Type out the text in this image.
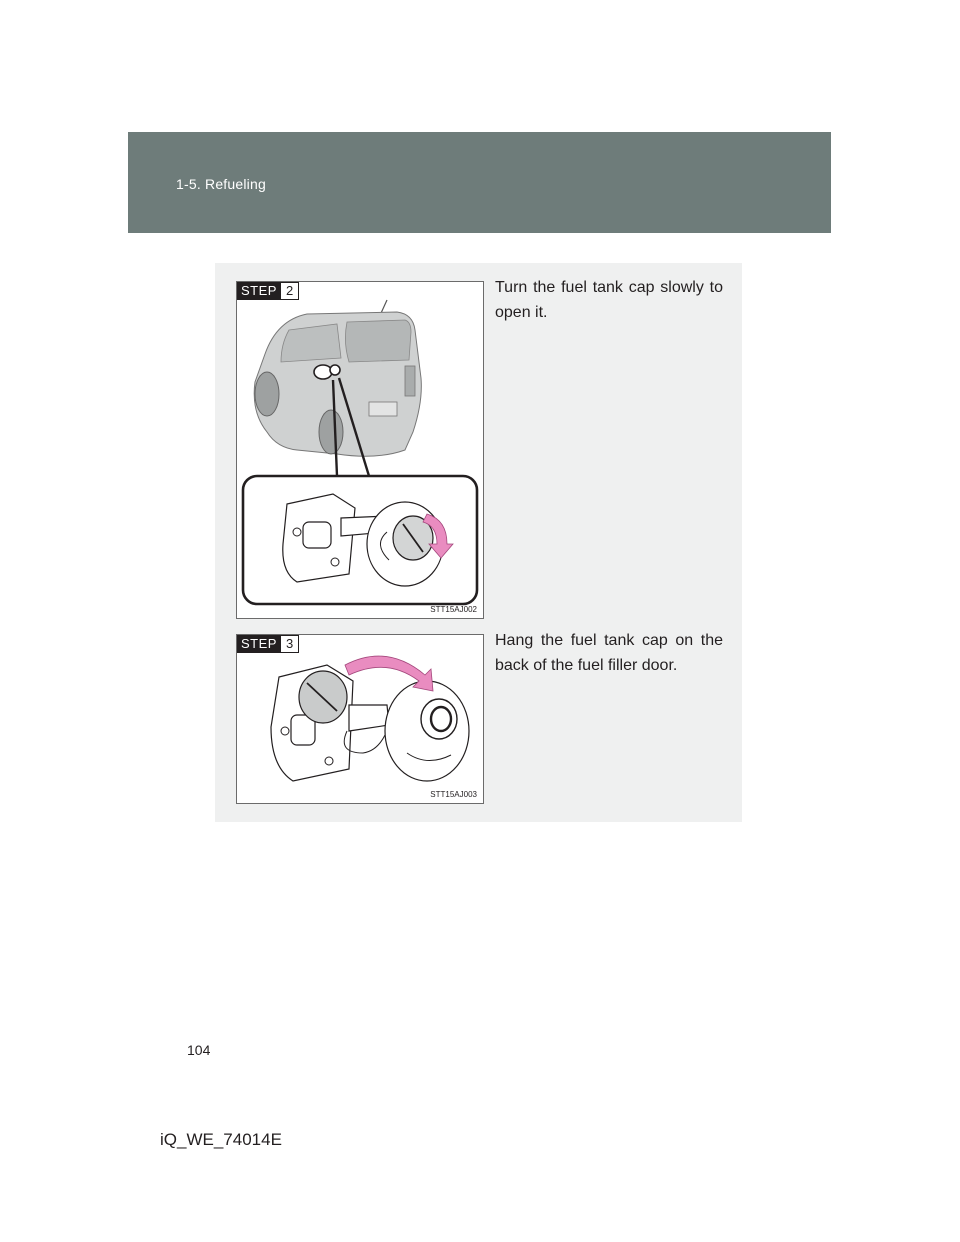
1-5. Refueling
STEP 2
STT15AJ002
Turn the fuel tank cap slowly to open it.
STEP 3
STT15AJ003
Hang the fuel tank cap on the back of the fuel filler door.
104
iQ_WE_74014E
